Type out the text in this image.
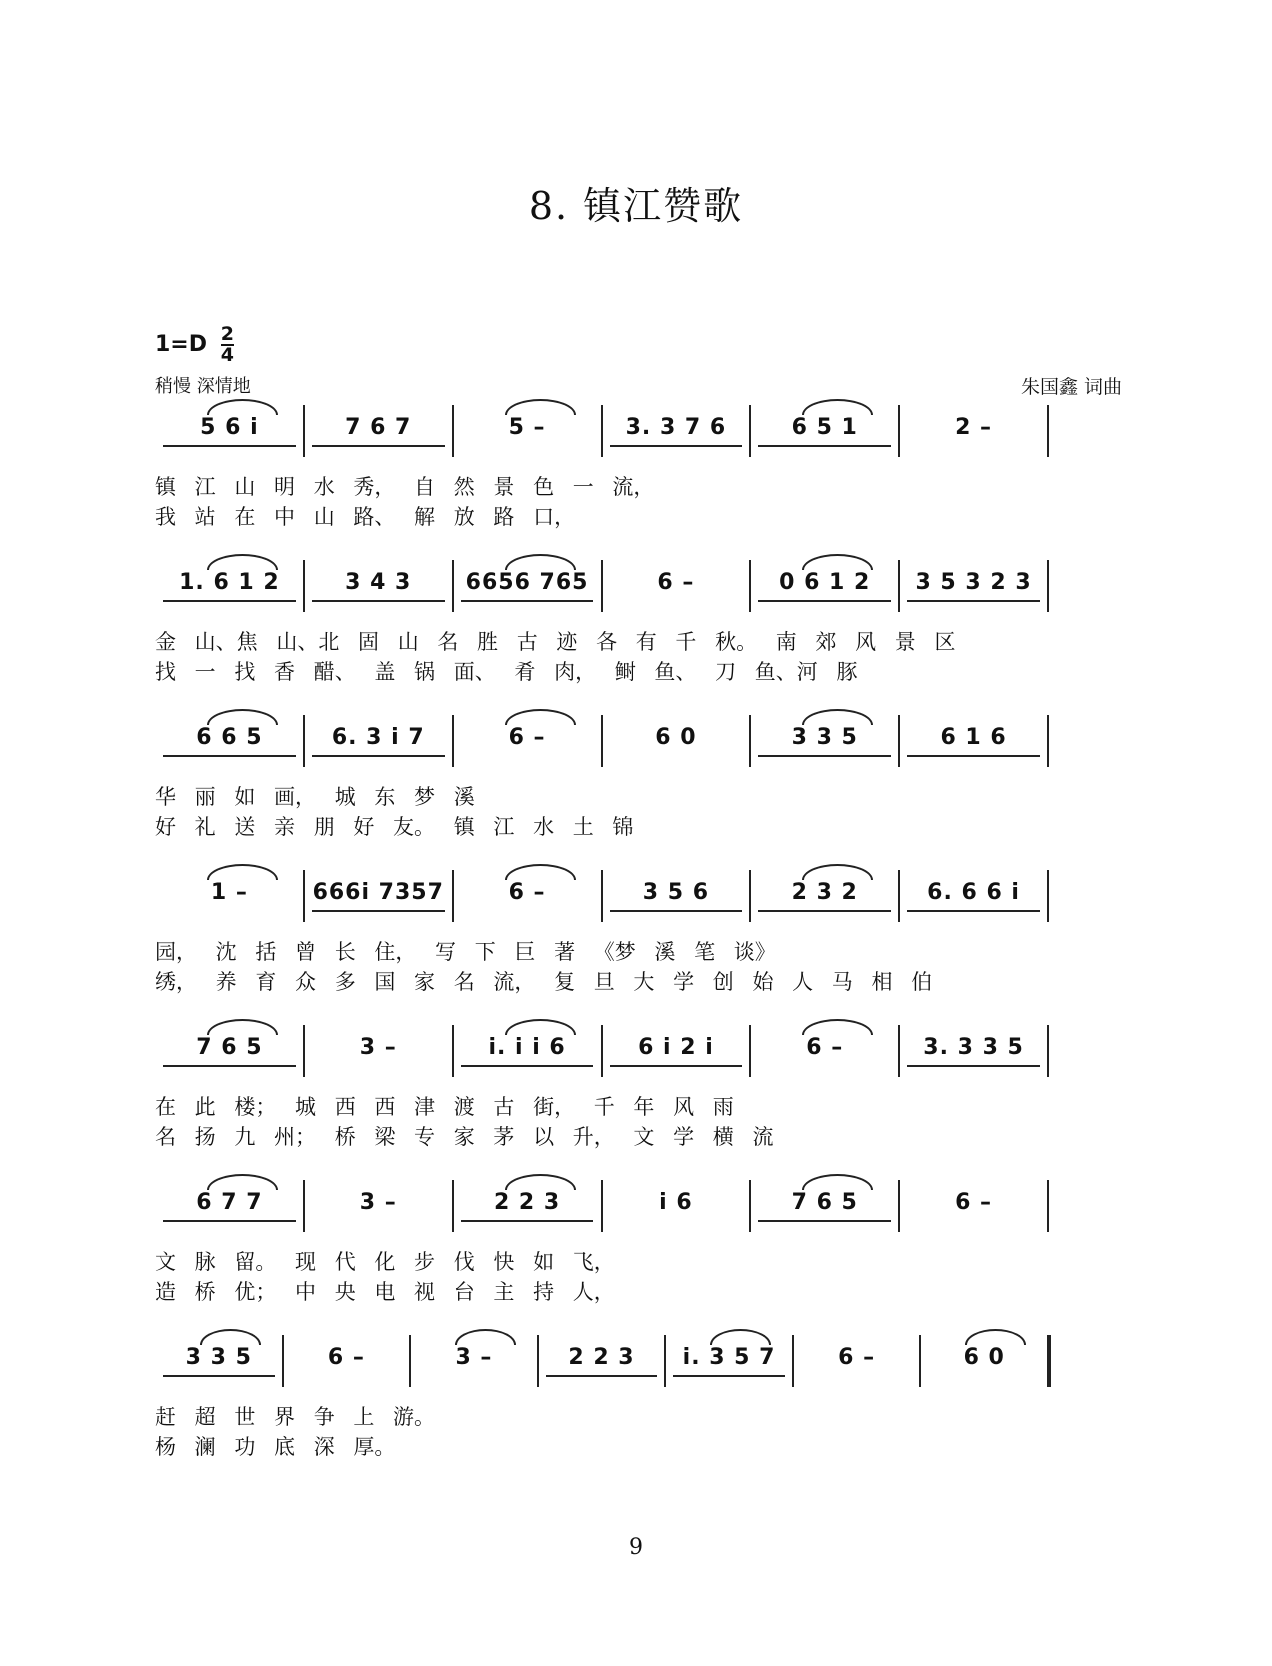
8. 镇江赞歌
$1=D \frac{2}{4}$
稍慢 深情地	朱国鑫 词曲
5 6 i	7 6 7	5 –	3. 3 7 6	6 5 1	2 –
镇 江 山 明 水 秀， 自 然 景 色 一 流，
我 站 在 中 山 路、 解 放 路 口，
1. 6 1 2	3 4 3	6656 765	6 –	0 6 1 2	3 5 3 2 3
金 山、焦 山、北 固 山 名 胜 古 迹 各 有 千 秋。 南 郊 风 景 区
找 一 找 香 醋、 盖 锅 面、 肴 肉， 鲥 鱼、 刀 鱼、河 豚
6 6 5	6. 3 i 7	6 –	6 0	3 3 5	6 1 6
华 丽 如 画， 城 东 梦 溪
好 礼 送 亲 朋 好 友。 镇 江 水 土 锦
1 –	666i 7357	6 –	3 5 6	2 3 2	6. 6 6 i
园， 沈 括 曾 长 住， 写 下 巨 著 《梦 溪 笔 谈》
绣， 养 育 众 多 国 家 名 流， 复 旦 大 学 创 始 人 马 相 伯
7 6 5	3 –	i. i i 6	6 i 2 i	6 –	3. 3 3 5
在 此 楼； 城 西 西 津 渡 古 街， 千 年 风 雨
名 扬 九 州； 桥 梁 专 家 茅 以 升， 文 学 横 流
6 7 7	3 –	2 2 3	i 6	7 6 5	6 –
文 脉 留。 现 代 化 步 伐 快 如 飞，
造 桥 优； 中 央 电 视 台 主 持 人，
3 3 5	6 –	3 –	2 2 3	i. 3 5 7	6 –	6 0
赶 超 世 界 争 上 游。
杨 澜 功 底 深 厚。
9
